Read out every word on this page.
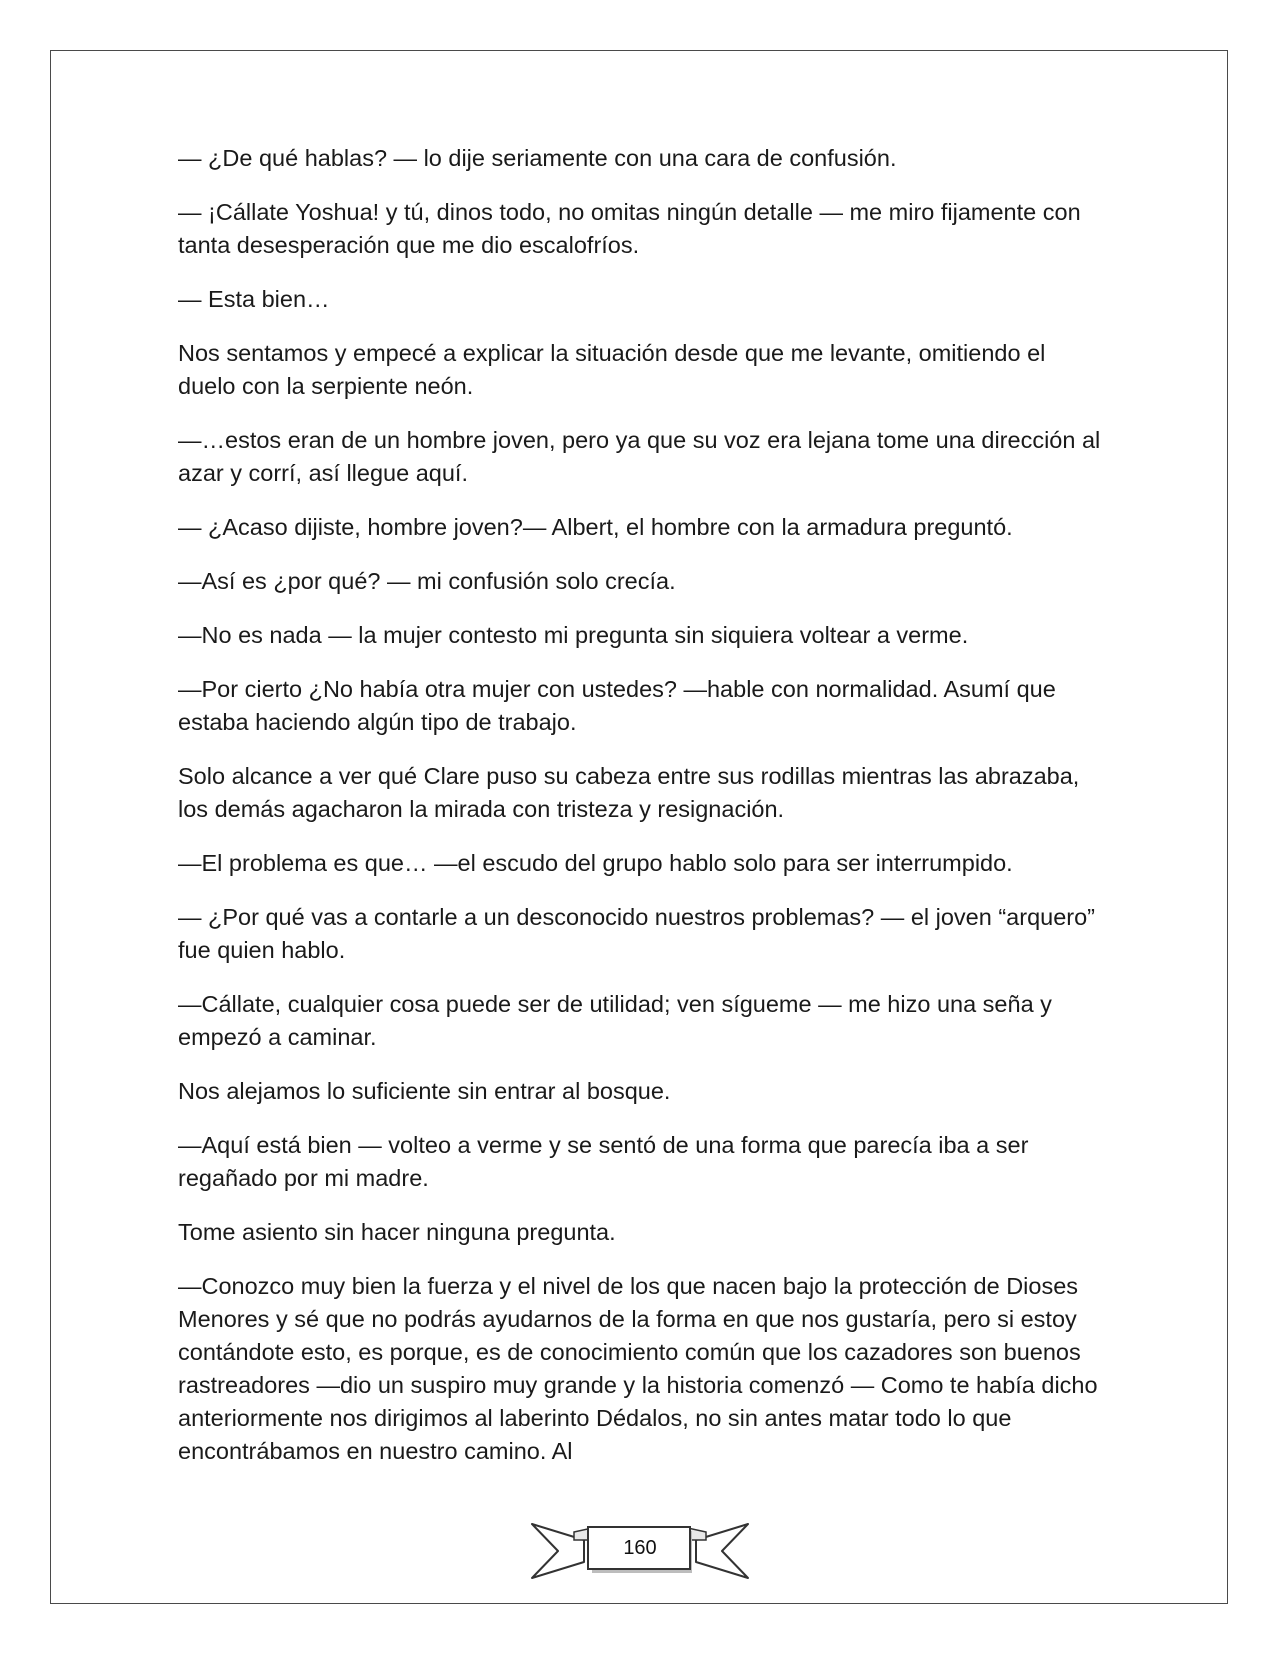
— ¿De qué hablas? — lo dije seriamente con una cara de confusión.

— ¡Cállate Yoshua! y tú, dinos todo, no omitas ningún detalle — me miro fijamente con tanta desesperación que me dio escalofríos.

— Esta bien…

Nos sentamos y empecé a explicar la situación desde que me levante, omitiendo el duelo con la serpiente neón.

—…estos eran de un hombre joven, pero ya que su voz era lejana tome una dirección al azar y corrí, así llegue aquí.

— ¿Acaso dijiste, hombre joven?— Albert, el hombre con la armadura preguntó.

—Así es ¿por qué? — mi confusión solo crecía.

—No es nada — la mujer contesto mi pregunta sin siquiera voltear a verme.

—Por cierto ¿No había otra mujer con ustedes? —hable con normalidad. Asumí que estaba haciendo algún tipo de trabajo.

Solo alcance a ver qué Clare puso su cabeza entre sus rodillas mientras las abrazaba, los demás agacharon la mirada con tristeza y resignación.

—El problema es que… —el escudo del grupo hablo solo para ser interrumpido.

— ¿Por qué vas a contarle a un desconocido nuestros problemas? — el joven “arquero” fue quien hablo.

—Cállate, cualquier cosa puede ser de utilidad; ven sígueme — me hizo una seña y empezó a caminar.

Nos alejamos lo suficiente sin entrar al bosque.

—Aquí está bien — volteo a verme y se sentó de una forma que parecía iba a ser regañado por mi madre.

Tome asiento sin hacer ninguna pregunta.

—Conozco muy bien la fuerza y el nivel de los que nacen bajo la protección de Dioses Menores y sé que no podrás ayudarnos de la forma en que nos gustaría, pero si estoy contándote esto, es porque, es de conocimiento común que los cazadores son buenos rastreadores —dio un suspiro muy grande y la historia comenzó — Como te había dicho anteriormente nos dirigimos al laberinto Dédalos, no sin antes matar todo lo que encontrábamos en nuestro camino. Al

160
